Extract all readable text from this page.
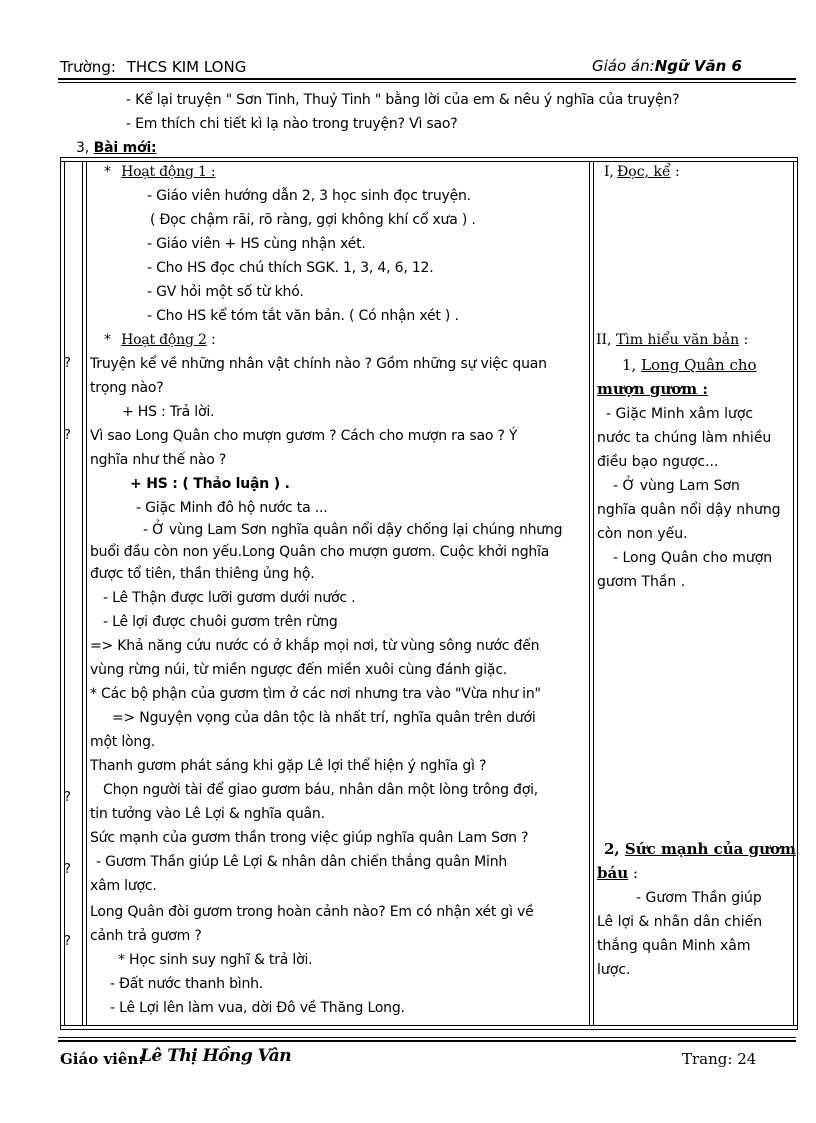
Trường: THCS KIM LONG	Giáo án:Ngữ Văn 6
- Kể lại truyện " Sơn Tinh, Thuỷ Tinh " bằng lời của em & nêu ý nghĩa của truyện?
- Em thích chi tiết kì lạ nào trong truyện? Vì sao?
3, Bài mới:
?
?
?
?
?
* Hoạt động 1 :
- Giáo viên hướng dẫn 2, 3 học sinh đọc truyện.
( Đọc chậm rãi, rõ ràng, gợi không khí cổ xưa ) .
- Giáo viên + HS cùng nhận xét.
- Cho HS đọc chú thích SGK. 1, 3, 4, 6, 12.
- GV hỏi một số từ khó.
- Cho HS kể tóm tắt văn bản. ( Có nhận xét ) .
* Hoạt động 2 :
Truyện kể về những nhân vật chính nào ? Gồm những sự việc quan
trọng nào?
+ HS : Trả lời.
Vì sao Long Quân cho mượn gươm ? Cách cho mượn ra sao ? Ý
nghĩa như thế nào ?
+ HS : ( Thảo luận ) .
- Giặc Minh đô hộ nước ta ...
- Ở vùng Lam Sơn nghĩa quân nổi dậy chống lại chúng nhưng
buổi đầu còn non yếu.Long Quân cho mượn gươm. Cuộc khởi nghĩa
được tổ tiên, thần thiêng ủng hộ.
- Lê Thận được lưỡi gươm dưới nước .
- Lê lợi được chuôi gươm trên rừng
=> Khả năng cứu nước có ở khắp mọi nơi, từ vùng sông nước đến
vùng rừng núi, từ miền ngược đến miền xuôi cùng đánh giặc.
* Các bộ phận của gươm tìm ở các nơi nhưng tra vào "Vừa như in"
=> Nguyện vọng của dân tộc là nhất trí, nghĩa quân trên dưới
một lòng.
Thanh gươm phát sáng khi gặp Lê lợi thể hiện ý nghĩa gì ?
Chọn người tài để giao gươm báu, nhân dân một lòng trông đợi,
tin tưởng vào Lê Lợi & nghĩa quân.
Sức mạnh của gươm thần trong việc giúp nghĩa quân Lam Sơn ?
- Gươm Thần giúp Lê Lợi & nhân dân chiến thắng quân Minh
xâm lược.
Long Quân đòi gươm trong hoàn cảnh nào? Em có nhận xét gì về
cảnh trả gươm ?
* Học sinh suy nghĩ & trả lời.
- Đất nước thanh bình.
- Lê Lợi lên làm vua, dời Đô về Thăng Long.
I, Đọc, kể :
II, Tìm hiểu văn bản :
1, Long Quân cho
mượn gươm :
- Giặc Minh xâm lược
nước ta chúng làm nhiều
điều bạo ngược...
- Ở vùng Lam Sơn
nghĩa quân nổi dậy nhưng
còn non yếu.
- Long Quân cho mượn
gươm Thần .
2, Sức mạnh của gươm
báu :
- Gươm Thần giúp
Lê lợi & nhân dân chiến
thắng quân Minh xâm
lược.
Giáo viên:
Lê Thị Hồng Vân	Trang: 24
